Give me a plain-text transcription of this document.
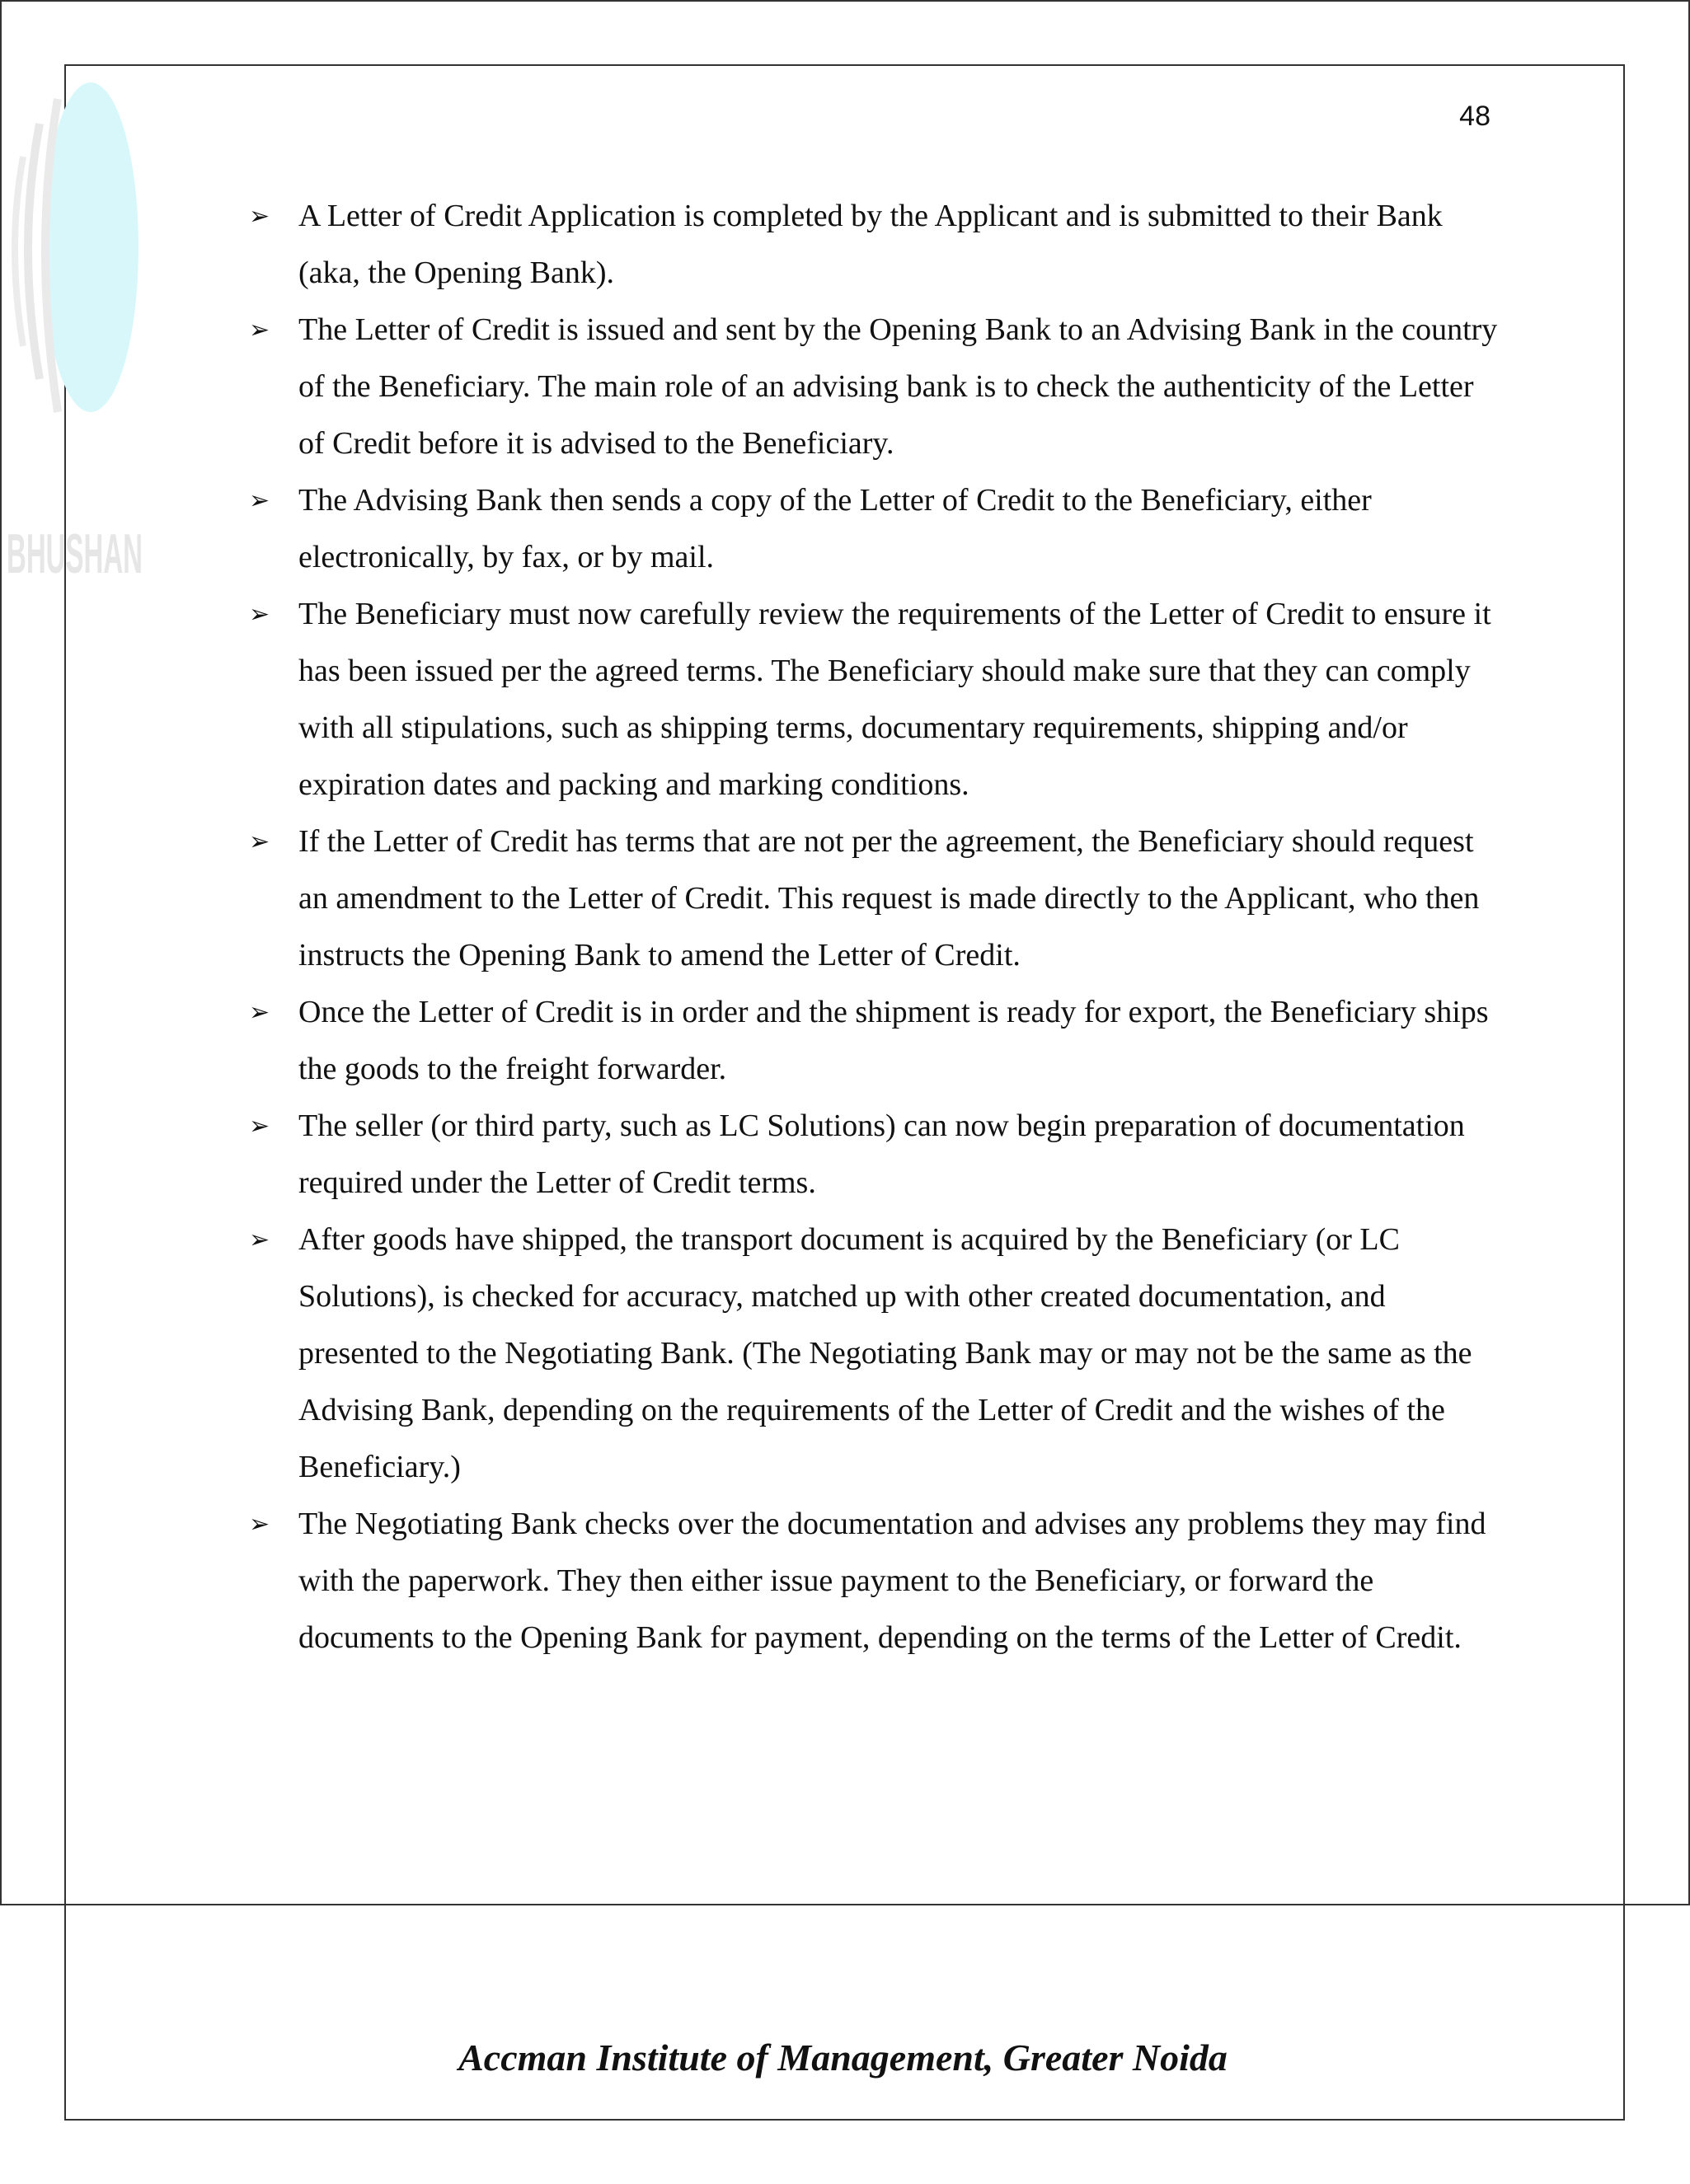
BHUSHAN
48
➢ A Letter of Credit Application is completed by the Applicant and is submitted to their Bank (aka, the Opening Bank).
➢ The Letter of Credit is issued and sent by the Opening Bank to an Advising Bank in the country of the Beneficiary. The main role of an advising bank is to check the authenticity of the Letter of Credit before it is advised to the Beneficiary.
➢ The Advising Bank then sends a copy of the Letter of Credit to the Beneficiary, either electronically, by fax, or by mail.
➢ The Beneficiary must now carefully review the requirements of the Letter of Credit to ensure it has been issued per the agreed terms. The Beneficiary should make sure that they can comply with all stipulations, such as shipping terms, documentary requirements, shipping and/or expiration dates and packing and marking conditions.
➢ If the Letter of Credit has terms that are not per the agreement, the Beneficiary should request an amendment to the Letter of Credit. This request is made directly to the Applicant, who then instructs the Opening Bank to amend the Letter of Credit.
➢ Once the Letter of Credit is in order and the shipment is ready for export, the Beneficiary ships the goods to the freight forwarder.
➢ The seller (or third party, such as LC Solutions) can now begin preparation of documentation required under the Letter of Credit terms.
➢ After goods have shipped, the transport document is acquired by the Beneficiary (or LC Solutions), is checked for accuracy, matched up with other created documentation, and presented to the Negotiating Bank. (The Negotiating Bank may or may not be the same as the Advising Bank, depending on the requirements of the Letter of Credit and the wishes of the Beneficiary.)
➢ The Negotiating Bank checks over the documentation and advises any problems they may find with the paperwork. They then either issue payment to the Beneficiary, or forward the documents to the Opening Bank for payment, depending on the terms of the Letter of Credit.
Accman Institute of Management, Greater Noida
